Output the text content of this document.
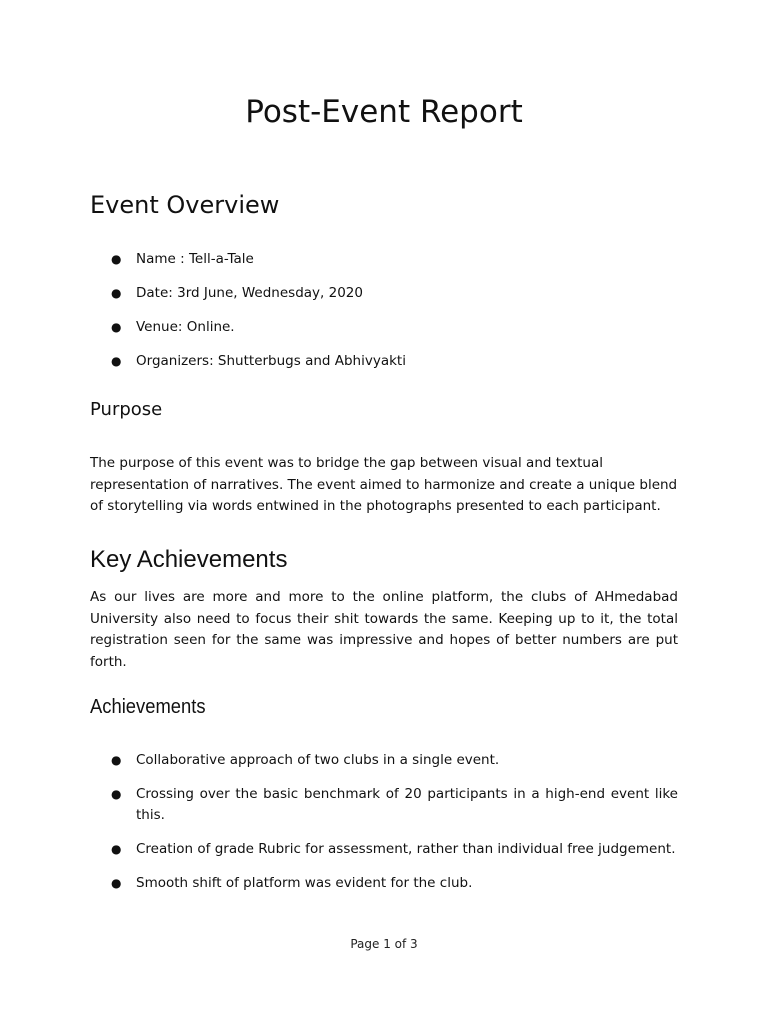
Post-Event Report
Event Overview
● Name : Tell-a-Tale
● Date: 3rd June, Wednesday, 2020
● Venue: Online.
● Organizers: Shutterbugs and Abhivyakti
Purpose

The purpose of this event was to bridge the gap between visual and textual representation of narratives. The event aimed to harmonize and create a unique blend of storytelling via words entwined in the photographs presented to each participant.

Key Achievements

As our lives are more and more to the online platform, the clubs of AHmedabad University also need to focus their shit towards the same. Keeping up to it, the total registration seen for the same was impressive and hopes of better numbers are put forth.

Achievements
● Collaborative approach of two clubs in a single event.
● Crossing over the basic benchmark of 20 participants in a high-end event like this.
● Creation of grade Rubric for assessment, rather than individual free judgement.
● Smooth shift of platform was evident for the club.
Page 1 of 3
